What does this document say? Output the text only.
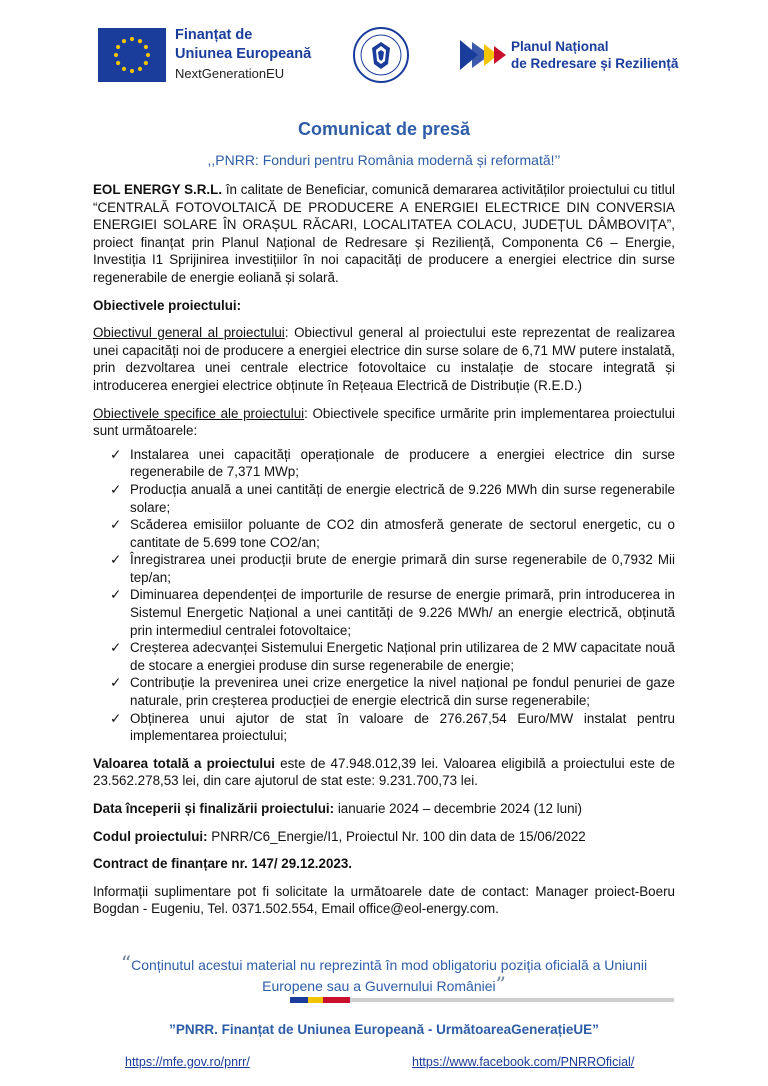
Finanțat de
Uniunea Europeană
NextGenerationEU
Planul Național
de Redresare și Reziliență
Comunicat de presă
,,PNRR: Fonduri pentru România modernă și reformată!’’

EOL ENERGY S.R.L. în calitate de Beneficiar, comunică demararea activităților proiectului cu titlul “CENTRALĂ FOTOVOLTAICĂ DE PRODUCERE A ENERGIEI ELECTRICE DIN CONVERSIA ENERGIEI SOLARE ÎN ORAȘUL RĂCARI, LOCALITATEA COLACU, JUDEȚUL DÂMBOVIȚA”, proiect finanțat prin Planul Național de Redresare și Reziliență, Componenta C6 – Energie, Investiția I1 Sprijinirea investițiilor în noi capacități de producere a energiei electrice din surse regenerabile de energie eoliană și solară.

Obiectivele proiectului:

Obiectivul general al proiectului: Obiectivul general al proiectului este reprezentat de realizarea unei capacități noi de producere a energiei electrice din surse solare de 6,71 MW putere instalată, prin dezvoltarea unei centrale electrice fotovoltaice cu instalație de stocare integrată și introducerea energiei electrice obținute în Rețeaua Electrică de Distribuție (R.E.D.)

Obiectivele specifice ale proiectului: Obiectivele specifice urmărite prin implementarea proiectului sunt următoarele:

✓ Instalarea unei capacități operaționale de producere a energiei electrice din surse regenerabile de 7,371 MWp;
✓ Producția anuală a unei cantități de energie electrică de 9.226 MWh din surse regenerabile solare;
✓ Scăderea emisiilor poluante de CO2 din atmosferă generate de sectorul energetic, cu o cantitate de 5.699 tone CO2/an;
✓ Înregistrarea unei producții brute de energie primară din surse regenerabile de 0,7932 Mii tep/an;
✓ Diminuarea dependenței de importurile de resurse de energie primară, prin introducerea in Sistemul Energetic Național a unei cantități de 9.226 MWh/ an energie electrică, obținută prin intermediul centralei fotovoltaice;
✓ Creșterea adecvanței Sistemului Energetic Național prin utilizarea de 2 MW capacitate nouă de stocare a energiei produse din surse regenerabile de energie;
✓ Contribuție la prevenirea unei crize energetice la nivel național pe fondul penuriei de gaze naturale, prin creșterea producției de energie electrică din surse regenerabile;
✓ Obținerea unui ajutor de stat în valoare de 276.267,54 Euro/MW instalat pentru implementarea proiectului;

Valoarea totală a proiectului este de 47.948.012,39 lei. Valoarea eligibilă a proiectului este de 23.562.278,53 lei, din care ajutorul de stat este: 9.231.700,73 lei.

Data începerii și finalizării proiectului: ianuarie 2024 – decembrie 2024 (12 luni)

Codul proiectului: PNRR/C6_Energie/I1, Proiectul Nr. 100 din data de 15/06/2022

Contract de finanțare nr. 147/ 29.12.2023.

Informații suplimentare pot fi solicitate la următoarele date de contact: Manager proiect-Boeru Bogdan - Eugeniu, Tel. 0371.502.554, Email office@eol-energy.com.

“Conținutul acestui material nu reprezintă în mod obligatoriu poziția oficială a Uniunii Europene sau a Guvernului României”
”PNRR. Finanțat de Uniunea Europeană - UrmătoareaGenerațieUE”
https://mfe.gov.ro/pnrr/	https://www.facebook.com/PNRROficial/
